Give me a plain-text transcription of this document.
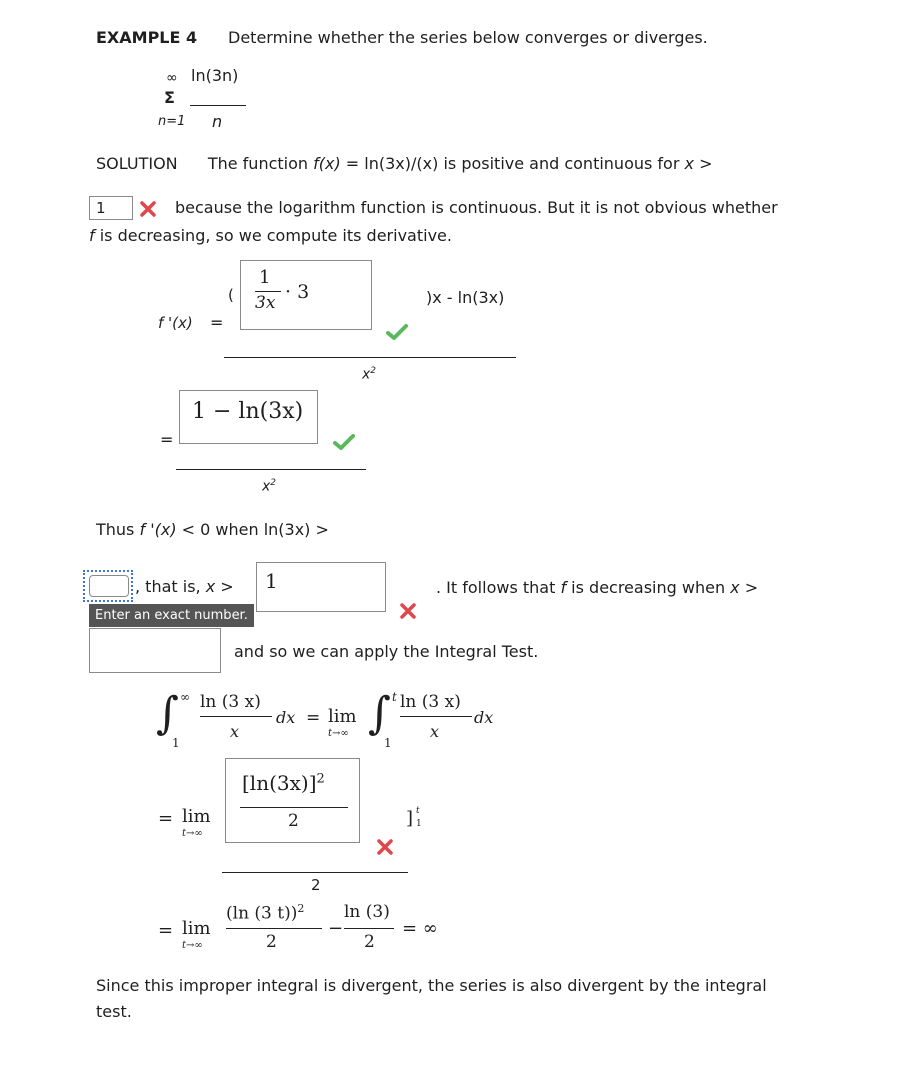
EXAMPLE 4 Determine whether the series below converges or diverges.
∞ ln(3n)
Σ
n=1 n
SOLUTION The function f(x) = ln(3x)/(x) is positive and continuous for x >
1	because the logarithm function is continuous. But it is not obvious whether
f is decreasing, so we compute its derivative.
f '(x) =
(
1
3x · 3	)x - ln(3x)
$x^2$
=
1 − ln(3x)
$x^2$
Thus f '(x) < 0 when ln(3x) >
, that is, x >
Enter an exact number.
1	. It follows that f is decreasing when x >
and so we can apply the Integral Test.
∫ ∞
1
ln (3 x)
x
dx = lim
t→∞ ∫ t
1
ln (3 x)
x
dx
= lim
t→∞
$[\ln(3x)]^2$
2	] t
1
2
= lim
t→∞
(ln (3 t))$^2$
2
−
ln (3)
2
= ∞
Since this improper integral is divergent, the series is also divergent by the integral
test.
